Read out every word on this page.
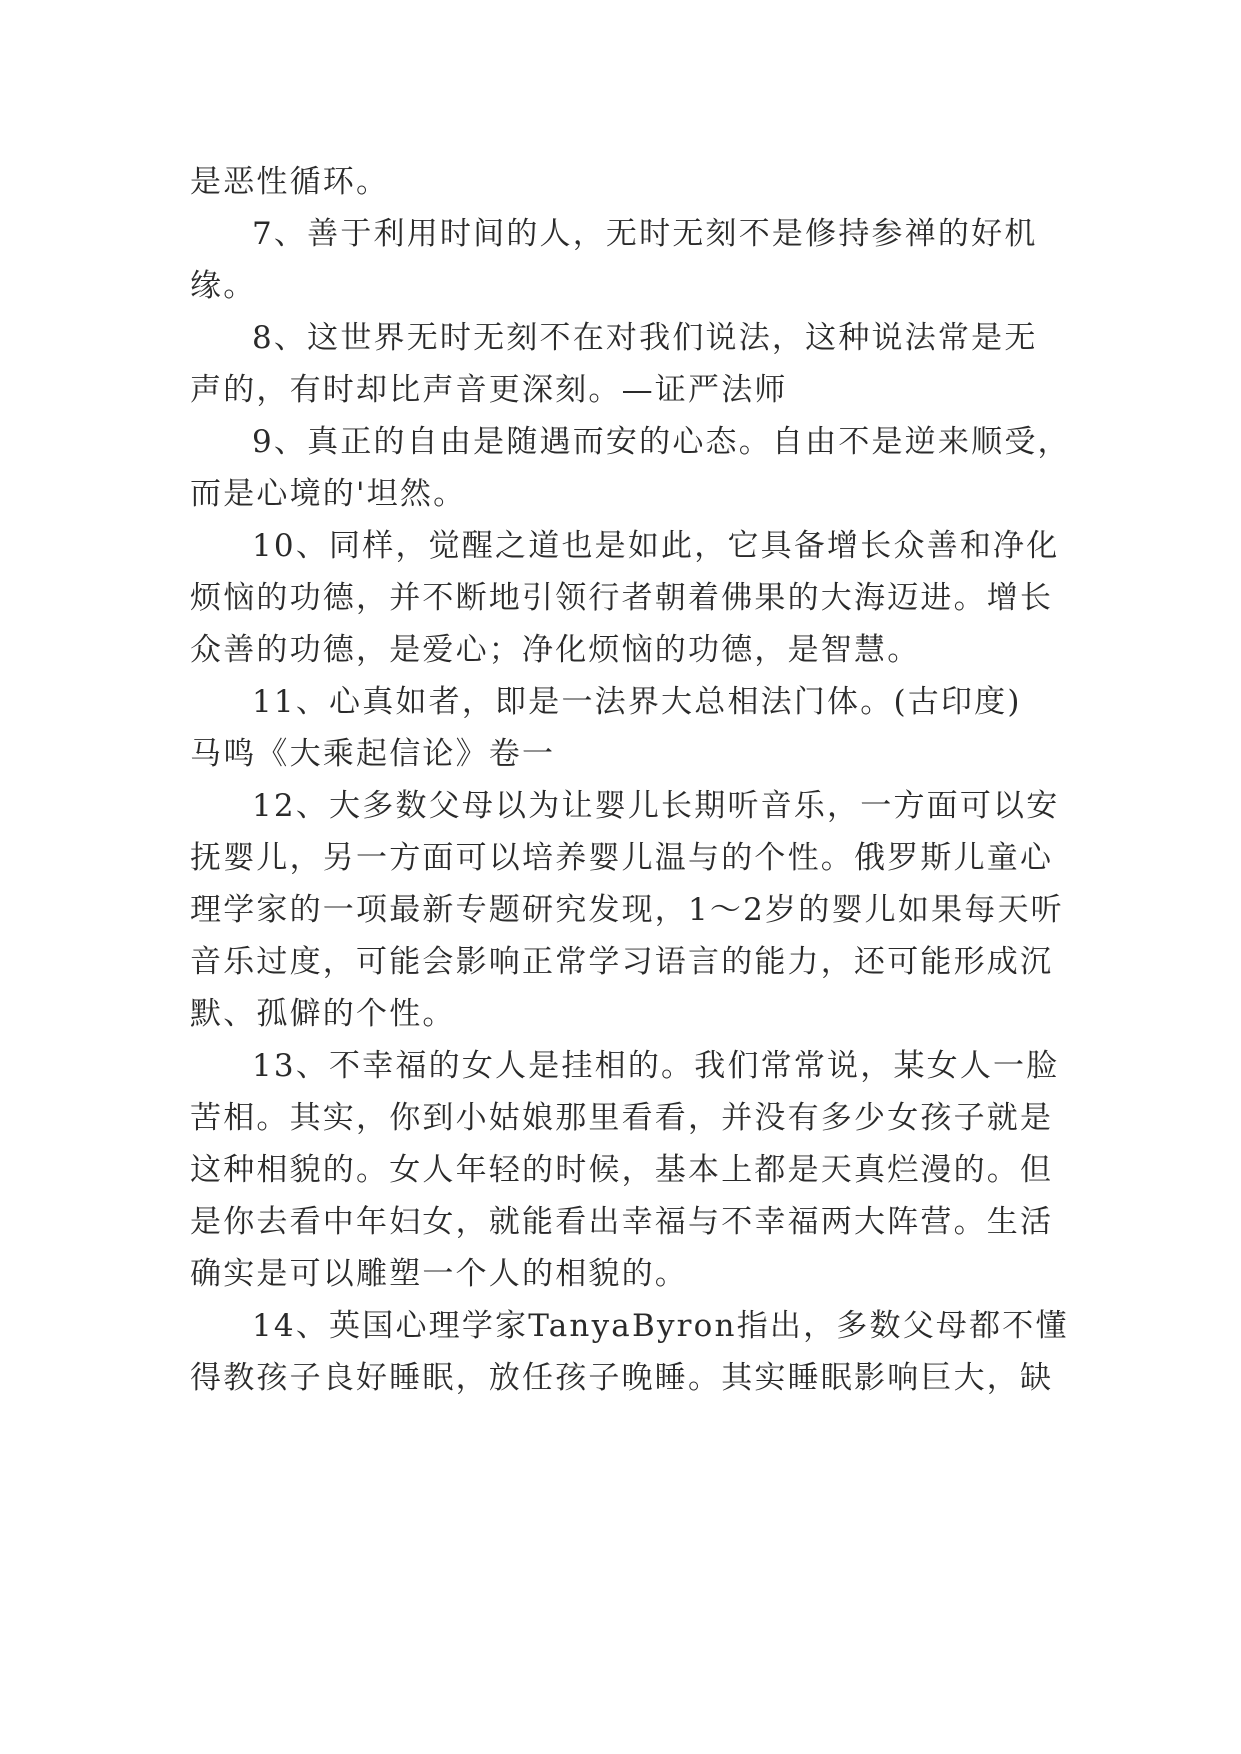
是恶性循环。
7、善于利用时间的人，无时无刻不是修持参禅的好机
缘。
8、这世界无时无刻不在对我们说法，这种说法常是无
声的，有时却比声音更深刻。—证严法师
9、真正的自由是随遇而安的心态。自由不是逆来顺受，
而是心境的'坦然。
10、同样，觉醒之道也是如此，它具备增长众善和净化
烦恼的功德，并不断地引领行者朝着佛果的大海迈进。增长
众善的功德，是爱心；净化烦恼的功德，是智慧。
11、心真如者，即是一法界大总相法门体。(古印度)
马鸣《大乘起信论》卷一
12、大多数父母以为让婴儿长期听音乐，一方面可以安
抚婴儿，另一方面可以培养婴儿温与的个性。俄罗斯儿童心
理学家的一项最新专题研究发现，1～2岁的婴儿如果每天听
音乐过度，可能会影响正常学习语言的能力，还可能形成沉
默、孤僻的个性。
13、不幸福的女人是挂相的。我们常常说，某女人一脸
苦相。其实，你到小姑娘那里看看，并没有多少女孩子就是
这种相貌的。女人年轻的时候，基本上都是天真烂漫的。但
是你去看中年妇女，就能看出幸福与不幸福两大阵营。生活
确实是可以雕塑一个人的相貌的。
14、英国心理学家TanyaByron指出，多数父母都不懂
得教孩子良好睡眠，放任孩子晚睡。其实睡眠影响巨大，缺
